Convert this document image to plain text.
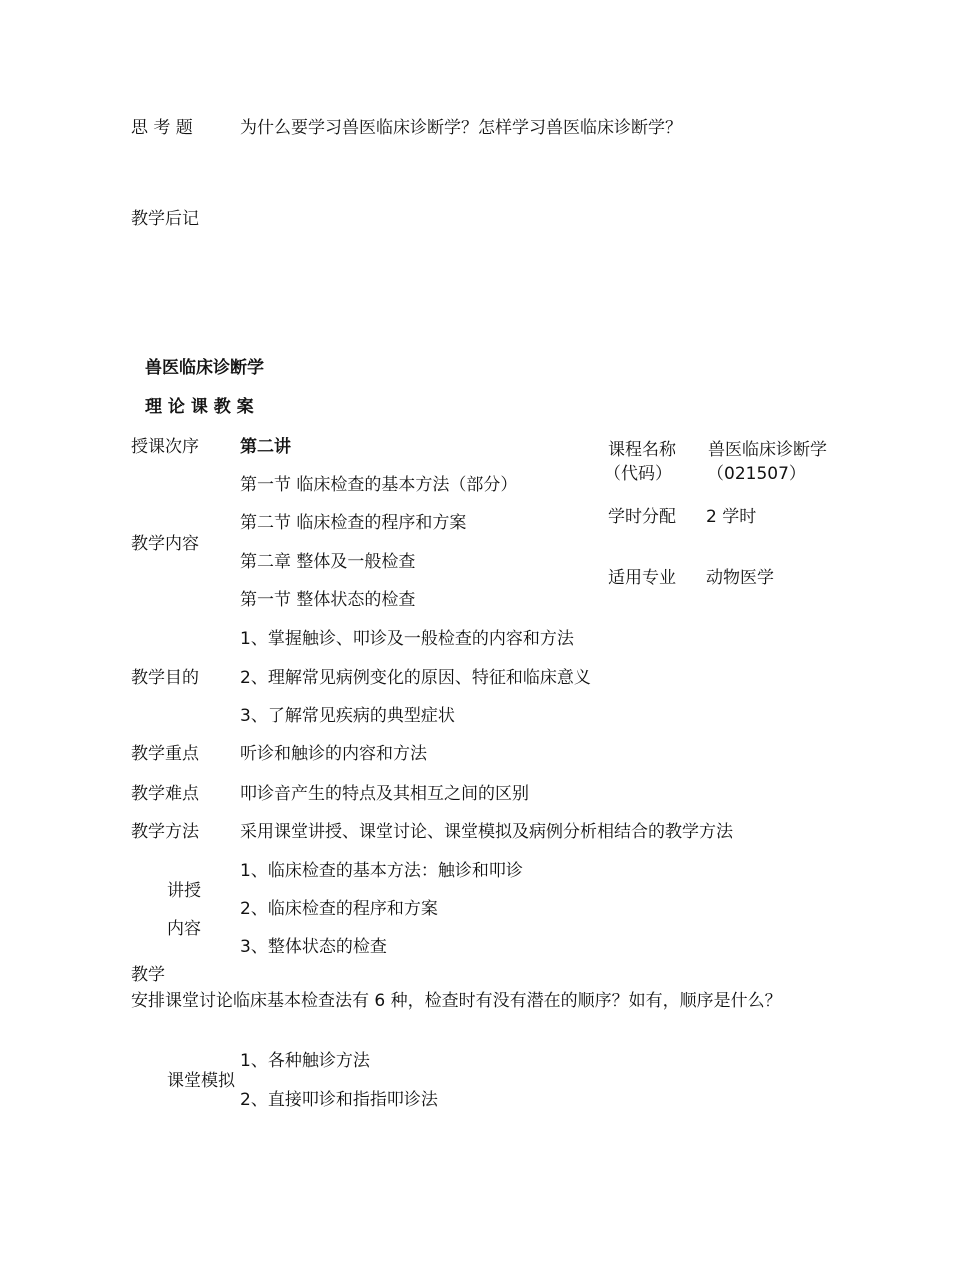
思 考 题	为什么要学习兽医临床诊断学？怎样学习兽医临床诊断学？
教学后记
兽医临床诊断学
理 论 课 教 案
授课次序 第二讲	课程名称 兽医临床诊断学
（代码） （021507）
学时分配 2 学时
适用专业 动物医学
教学内容
第一节 临床检查的基本方法（部分）
第二节 临床检查的程序和方案
第二章 整体及一般检查
第一节 整体状态的检查
1、掌握触诊、叩诊及一般检查的内容和方法
教学目的 2、理解常见病例变化的原因、特征和临床意义
3、了解常见疾病的典型症状
教学重点 听诊和触诊的内容和方法
教学难点 叩诊音产生的特点及其相互之间的区别
教学方法 采用课堂讲授、课堂讨论、课堂模拟及病例分析相结合的教学方法
1、临床检查的基本方法：触诊和叩诊
讲授
2、临床检查的程序和方案
内容
3、整体状态的检查
教学
安排课堂讨论临床基本检查法有 6 种，检查时有没有潜在的顺序？如有，顺序是什么？
1、各种触诊方法
课堂模拟
2、直接叩诊和指指叩诊法
